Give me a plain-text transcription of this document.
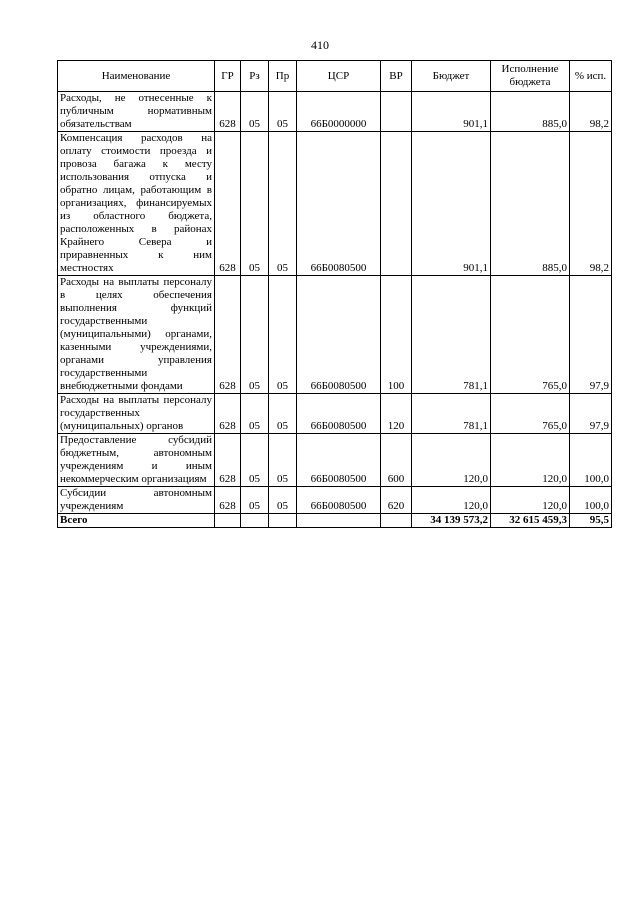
410
Наименование	ГР	Рз	Пр	ЦСР	ВР	Бюджет	Исполнение бюджета	% исп.
Расходы, не отнесенные к публичным нормативным обязательствам	628	05	05	66Б0000000		901,1	885,0	98,2
Компенсация расходов на оплату стоимости проезда и провоза багажа к месту использования отпуска и обратно лицам, работающим в организациях, финансируемых из областного бюджета, расположенных в районах Крайнего Севера и приравненных к ним местностях	628	05	05	66Б0080500		901,1	885,0	98,2
Расходы на выплаты персоналу в целях обеспечения выполнения функций государственными (муниципальными) органами, казенными учреждениями, органами управления государственными внебюджетными фондами	628	05	05	66Б0080500	100	781,1	765,0	97,9
Расходы на выплаты персоналу государственных (муниципальных) органов	628	05	05	66Б0080500	120	781,1	765,0	97,9
Предоставление субсидий бюджетным, автономным учреждениям и иным некоммерческим организациям	628	05	05	66Б0080500	600	120,0	120,0	100,0
Субсидии автономным учреждениям	628	05	05	66Б0080500	620	120,0	120,0	100,0
Всего						34 139 573,2	32 615 459,3	95,5
